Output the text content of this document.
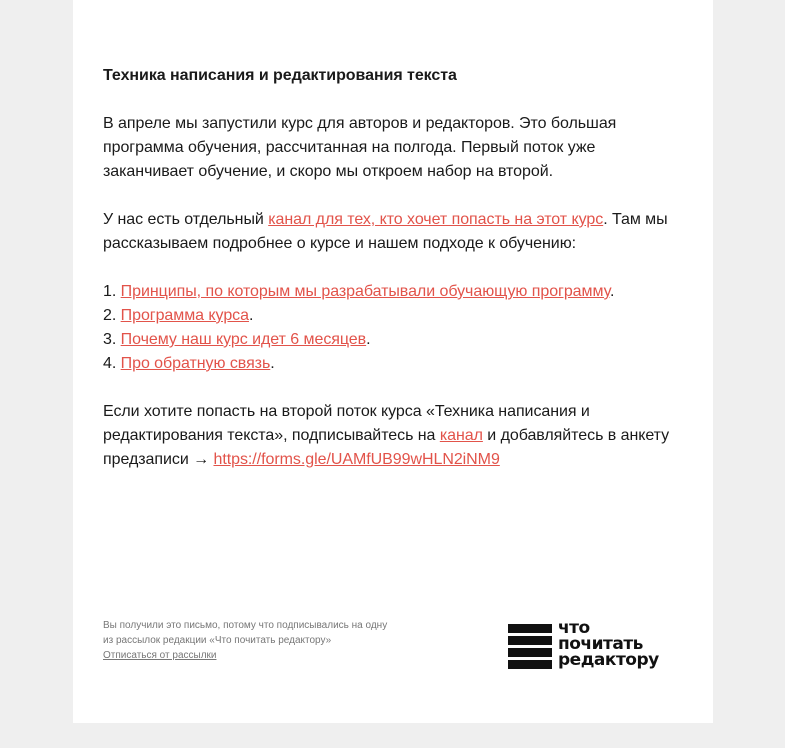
Техника написания и редактирования текста

В апреле мы запустили курс для авторов и редакторов. Это большая программа обучения, рассчитанная на полгода. Первый поток уже заканчивает обучение, и скоро мы откроем набор на второй.

У нас есть отдельный канал для тех, кто хочет попасть на этот курс. Там мы рассказываем подробнее о курсе и нашем подходе к обучению:

1. Принципы, по которым мы разрабатывали обучающую программу.
2. Программа курса.
3. Почему наш курс идет 6 месяцев.
4. Про обратную связь.

Если хотите попасть на второй поток курса «Техника написания и редактирования текста», подписывайтесь на канал и добавляйтесь в анкету предзаписи → https://forms.gle/UAMfUB99wHLN2iNM9

Вы получили это письмо, потому что подписывались на одну из рассылок редакции «Что почитать редактору»
Отписаться от рассылки
что
почитать
редактору
